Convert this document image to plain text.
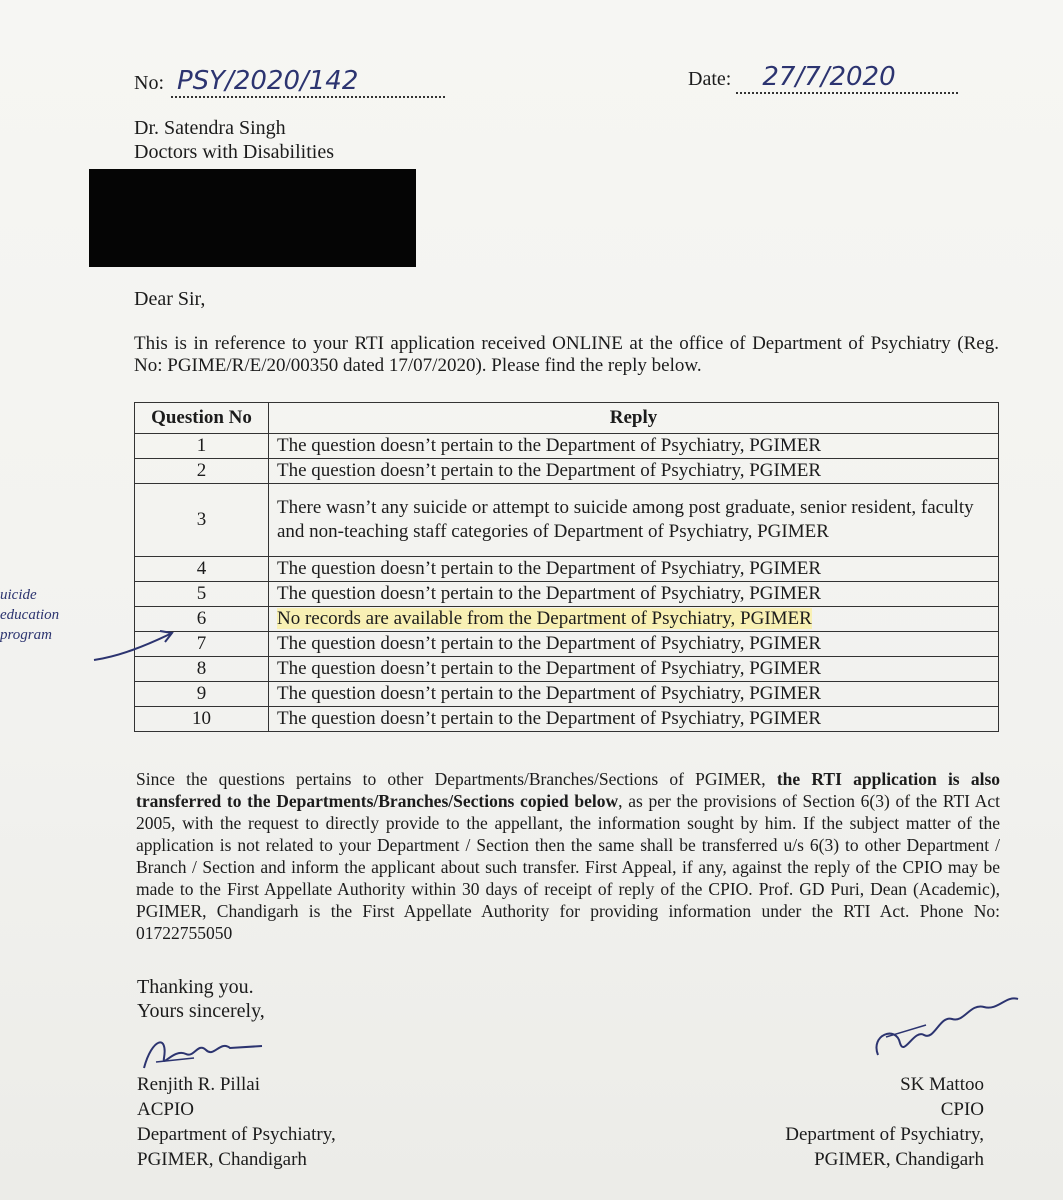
No: PSY/2020/142	Date: 27/7/2020
Dr. Satendra Singh
Doctors with Disabilities
Dear Sir,
This is in reference to your RTI application received ONLINE at the office of Department of Psychiatry (Reg. No: PGIME/R/E/20/00350 dated 17/07/2020). Please find the reply below.
Question No	Reply
1	The question doesn’t pertain to the Department of Psychiatry, PGIMER
2	The question doesn’t pertain to the Department of Psychiatry, PGIMER
3	There wasn’t any suicide or attempt to suicide among post graduate, senior resident, faculty and non-teaching staff categories of Department of Psychiatry, PGIMER
4	The question doesn’t pertain to the Department of Psychiatry, PGIMER
5	The question doesn’t pertain to the Department of Psychiatry, PGIMER
6	No records are available from the Department of Psychiatry, PGIMER
7	The question doesn’t pertain to the Department of Psychiatry, PGIMER
8	The question doesn’t pertain to the Department of Psychiatry, PGIMER
9	The question doesn’t pertain to the Department of Psychiatry, PGIMER
10	The question doesn’t pertain to the Department of Psychiatry, PGIMER
uicide
education
program
Since the questions pertains to other Departments/Branches/Sections of PGIMER, the RTI application is also transferred to the Departments/Branches/Sections copied below, as per the provisions of Section 6(3) of the RTI Act 2005, with the request to directly provide to the appellant, the information sought by him. If the subject matter of the application is not related to your Department / Section then the same shall be transferred u/s 6(3) to other Department / Branch / Section and inform the applicant about such transfer. First Appeal, if any, against the reply of the CPIO may be made to the First Appellate Authority within 30 days of receipt of reply of the CPIO. Prof. GD Puri, Dean (Academic), PGIMER, Chandigarh is the First Appellate Authority for providing information under the RTI Act. Phone No: 01722755050
Thanking you.
Yours sincerely,
Renjith R. Pillai
ACPIO
Department of Psychiatry,
PGIMER, Chandigarh
SK Mattoo
CPIO
Department of Psychiatry,
PGIMER, Chandigarh
